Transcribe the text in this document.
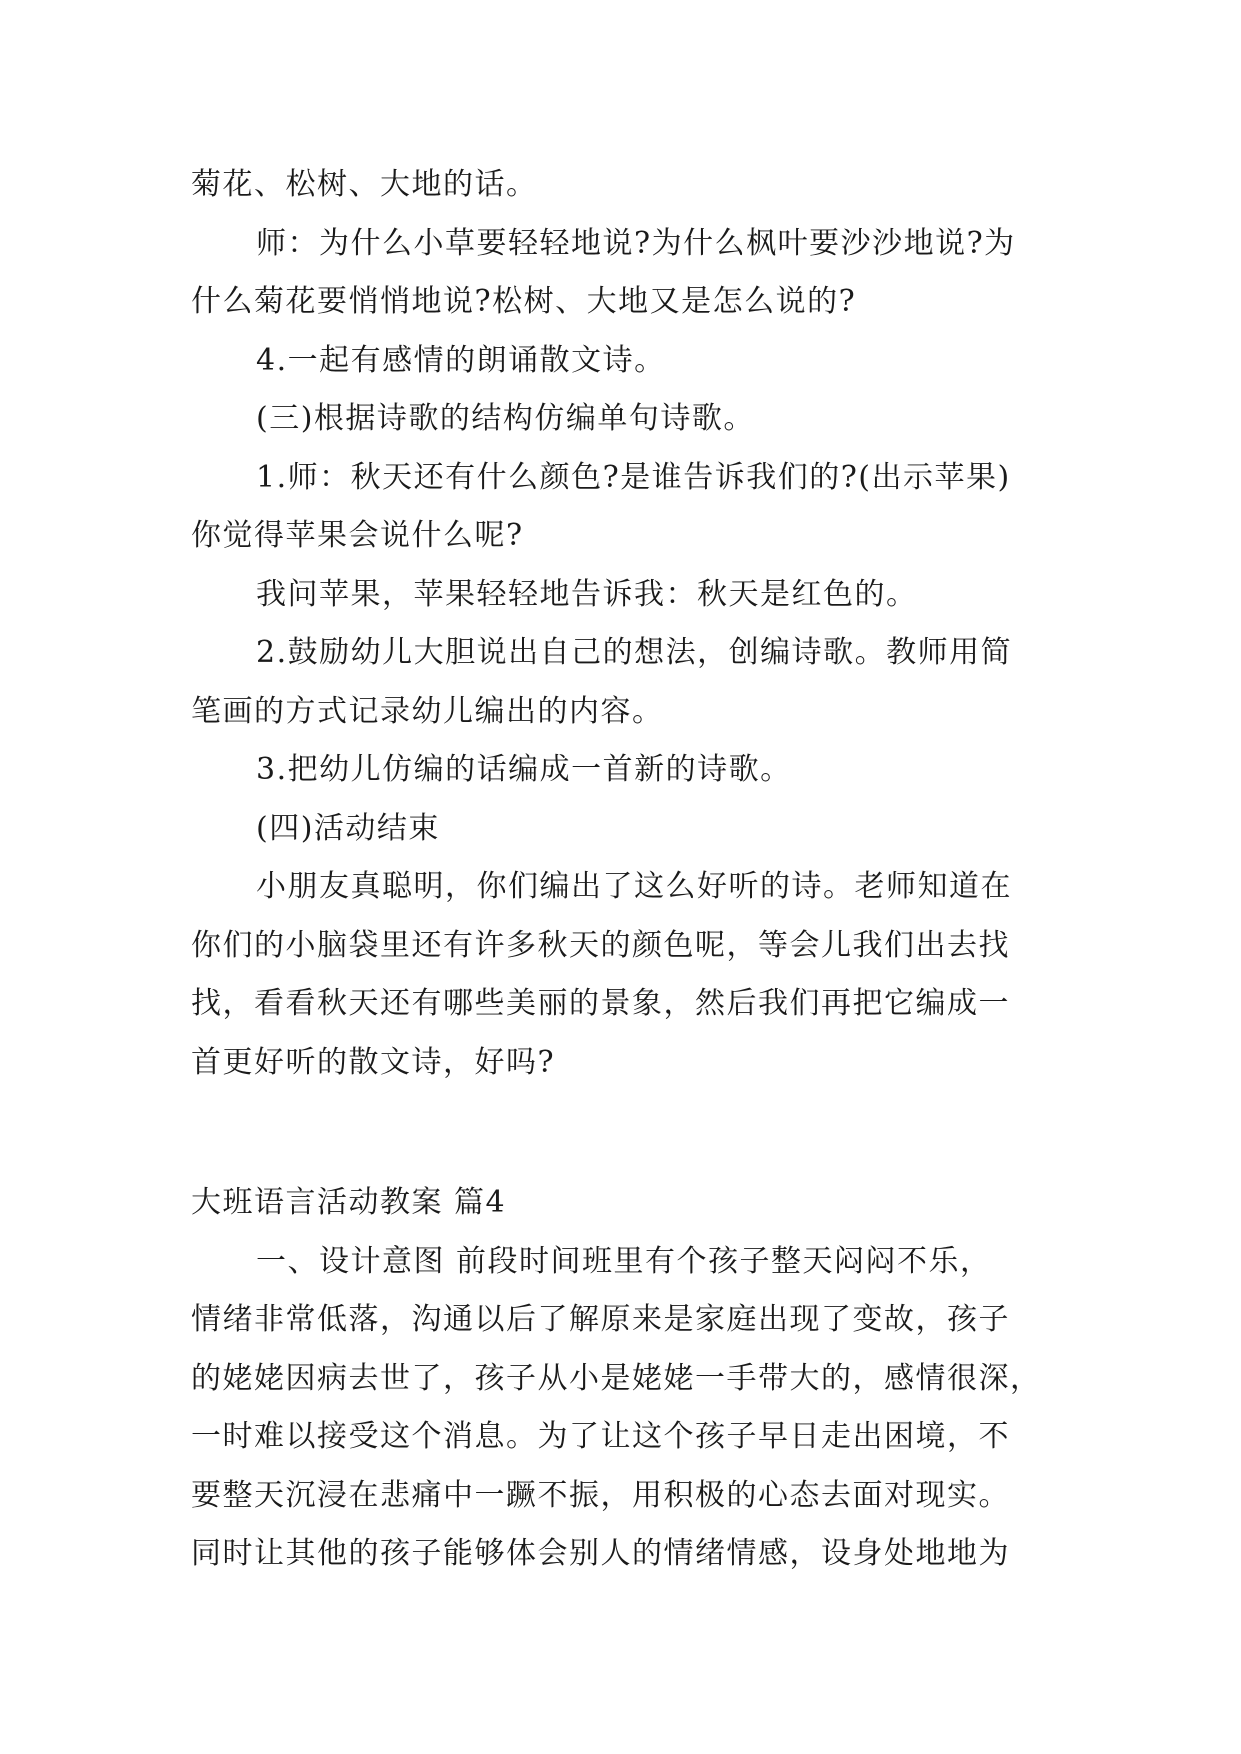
菊花、松树、大地的话。
师：为什么小草要轻轻地说?为什么枫叶要沙沙地说?为
什么菊花要悄悄地说?松树、大地又是怎么说的?
4.一起有感情的朗诵散文诗。
(三)根据诗歌的结构仿编单句诗歌。
1.师：秋天还有什么颜色?是谁告诉我们的?(出示苹果)
你觉得苹果会说什么呢?
我问苹果，苹果轻轻地告诉我：秋天是红色的。
2.鼓励幼儿大胆说出自己的想法，创编诗歌。教师用简
笔画的方式记录幼儿编出的内容。
3.把幼儿仿编的话编成一首新的诗歌。
(四)活动结束
小朋友真聪明，你们编出了这么好听的诗。老师知道在
你们的小脑袋里还有许多秋天的颜色呢，等会儿我们出去找
找，看看秋天还有哪些美丽的景象，然后我们再把它编成一
首更好听的散文诗，好吗?
大班语言活动教案 篇4
一、设计意图 前段时间班里有个孩子整天闷闷不乐，
情绪非常低落，沟通以后了解原来是家庭出现了变故，孩子
的姥姥因病去世了，孩子从小是姥姥一手带大的，感情很深，
一时难以接受这个消息。为了让这个孩子早日走出困境，不
要整天沉浸在悲痛中一蹶不振，用积极的心态去面对现实。
同时让其他的孩子能够体会别人的情绪情感，设身处地地为
